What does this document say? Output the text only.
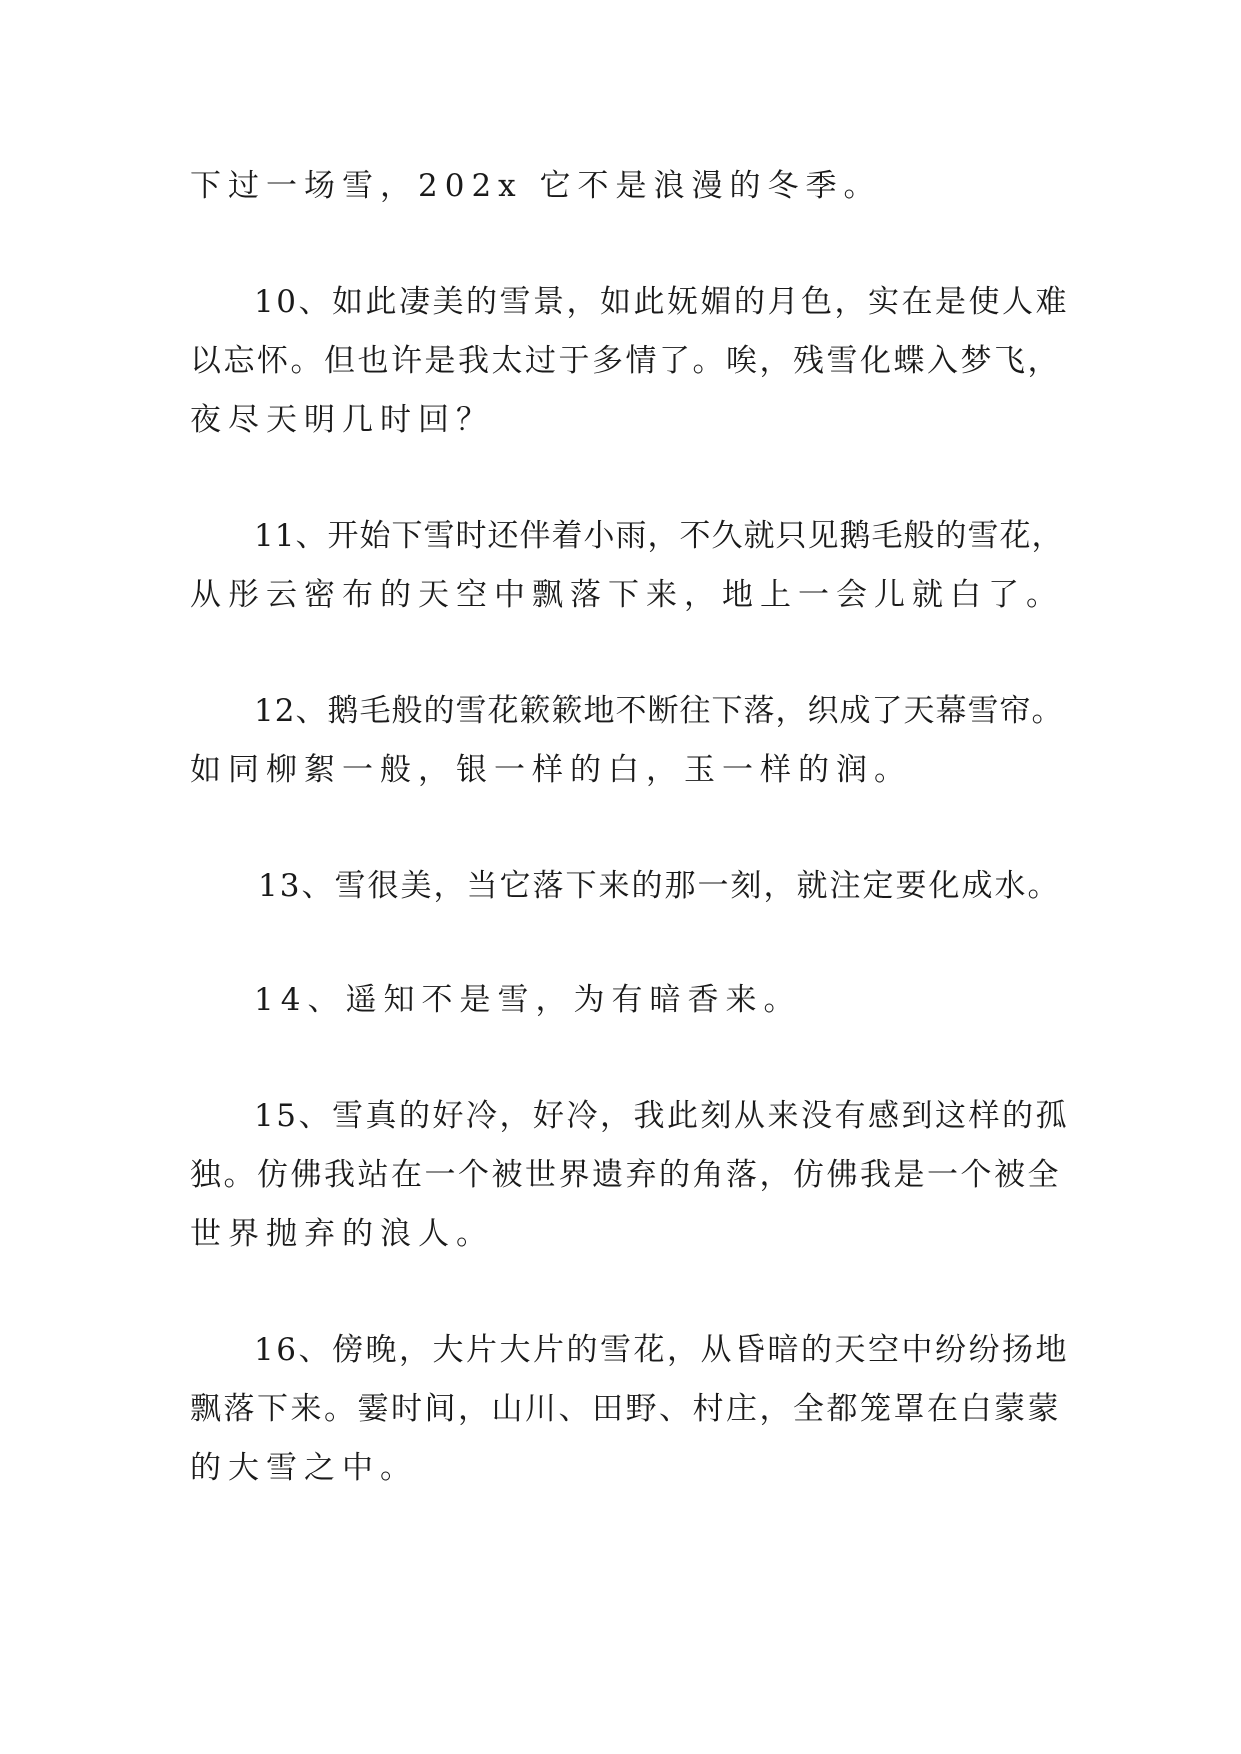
下过一场雪，202x 它不是浪漫的冬季。
10、如此凄美的雪景，如此妩媚的月色，实在是使人难
以忘怀。但也许是我太过于多情了。唉，残雪化蝶入梦飞，
夜尽天明几时回？
11、开始下雪时还伴着小雨，不久就只见鹅毛般的雪花，
从彤云密布的天空中飘落下来，地上一会儿就白了。
12、鹅毛般的雪花簌簌地不断往下落，织成了天幕雪帘。
如同柳絮一般，银一样的白，玉一样的润。
13、雪很美，当它落下来的那一刻，就注定要化成水。
14、遥知不是雪，为有暗香来。
15、雪真的好冷，好冷，我此刻从来没有感到这样的孤
独。仿佛我站在一个被世界遗弃的角落，仿佛我是一个被全
世界抛弃的浪人。
16、傍晚，大片大片的雪花，从昏暗的天空中纷纷扬地
飘落下来。霎时间，山川、田野、村庄，全都笼罩在白蒙蒙
的大雪之中。
